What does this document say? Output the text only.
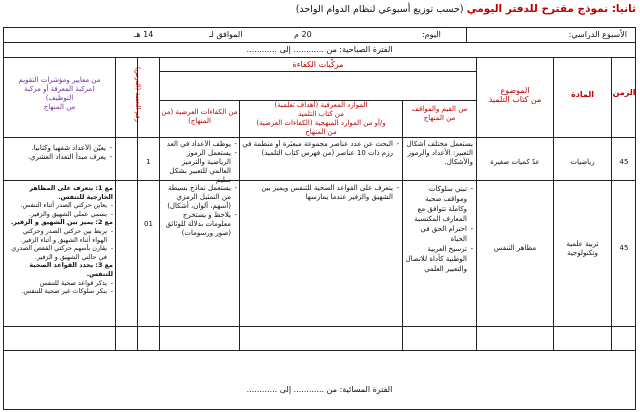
ثانيا: نموذج مقترح للدفتر اليومي (حسب توزيع أسبوعي لنظام الدوام الواحد)
الأسبوع الدراسي:
اليوم:
20 م
الموافق لـ
14 هـ
الفترة الصباحية: من ............ إلى ............
الزمن
المادة
الموضوع
من كتاب التلميذ
مركّبات الكفاءة
من القيم والمواقف
من المنهاج
الموارد المعرفية (أهداف تعلمية)
من كتاب التلميذ
و/أو من الموارد المنهجية (الكفاءات العرضية)
من المنهاج
من الكفاءات العرضية (من المنهاج)
رقم الحصة (الدرس)
من معايير ومؤشرات التقويم
(مركبة المعرفة أو مركبة
التوظيف)
من المنهاج
45
رياضيات
عدّ كميات صغيرة
يستعمل مختلف أشكال التعبير: الأعداد والرموز والأشكال.
- البحث عن عدد عناصر مجموعة مبعثرة أو منظمة في رزم ذات 10 عناصر (من فهرس كتاب التلميذ)
- يوظف الأعداد في العد
- يستعمل الرموز الرياضية والترميز العالمي للتعبير بشكل سليم
1
- يعيّن الأعداد شفهيا وكتابيا.
- يعرف مبدأ التعداد العشري.
45
تربية علمية
وتكنولوجية
مظاهر التنفس
- تبني سلوكات ومواقف صحية وكاملة تتوافق مع المعارف المكتسبة
- احترام الحق في الحياة
- ترسيخ العربية الوطنية كأداة للاتصال والتعبير العلمي
- يتعرف على القواعد الصحية للتنفس ويميز بين الشهيق والزفير عندما يمارسها
- يستعمل نماذج بسيطة من التمثيل الرمزي (أسهم، ألوان، أشكال)
- يلاحظ و يستخرج معلومات بدلالة للوثائق (صور ورسومات)
01
مع 1: يتعرف على المظاهر الخارجية للتنفس.
- يعاين حركتي الصدر أثناء التنفس.
- يسمي عملي الشهيق والزفير.
مع 2: يميز بين الشهيق و الزفير.
- يربط بين حركتي الصدر وحركتي الهواء أثناء الشهيق و أثناء الزفير.
- يقارن بأسهم حركتي القفص الصدري في حالتي الشهيق و الزفير.
مع 3: يحدد القواعد الصحية للتنفس.
- يذكر قواعد صحية للتنفس
- ينكر سلوكات غير صحية للتنفس.
الفترة المسائية: من ............ إلى ............
